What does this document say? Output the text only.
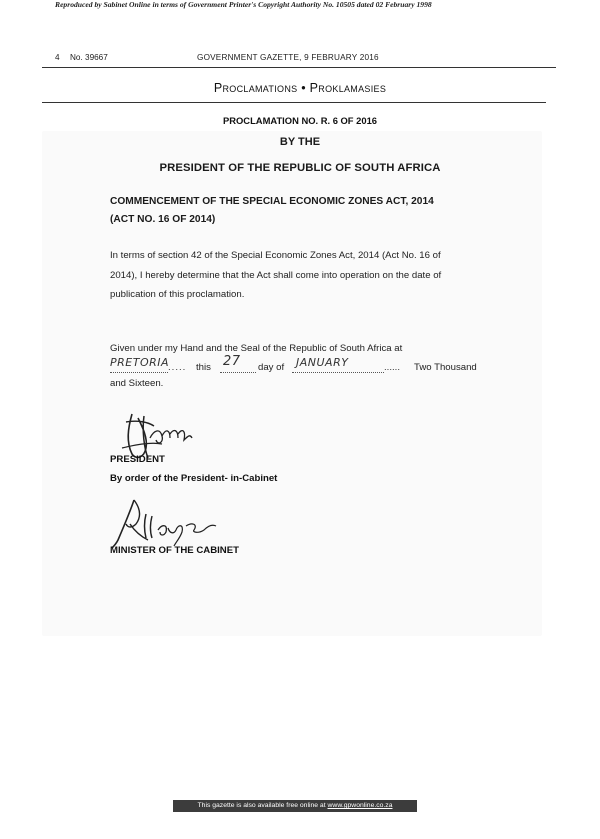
Reproduced by Sabinet Online in terms of Government Printer's Copyright Authority No. 10505 dated 02 February 1998
4 No. 39667	GOVERNMENT GAZETTE, 9 FEBRUARY 2016
Proclamations • Proklamasies
PROCLAMATION NO. R. 6 OF 2016
BY THE
PRESIDENT OF THE REPUBLIC OF SOUTH AFRICA
COMMENCEMENT OF THE SPECIAL ECONOMIC ZONES ACT, 2014
(ACT NO. 16 OF 2014)
In terms of section 42 of the Special Economic Zones Act, 2014 (Act No. 16 of
2014), I hereby determine that the Act shall come into operation on the date of
publication of this proclamation.
Given under my Hand and the Seal of the Republic of South Africa at
PRETORIA
..... this 27 day of JANUARY	...... Two Thousand
and Sixteen.
PRESIDENT
By order of the President- in-Cabinet
MINISTER OF THE CABINET
This gazette is also available free online at www.gpwonline.co.za
